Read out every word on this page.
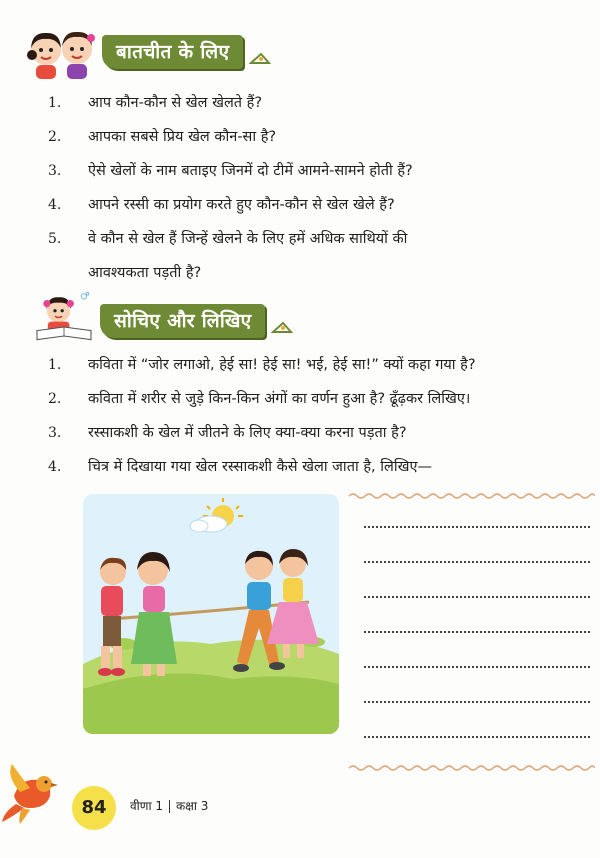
बातचीत के लिए
1.	आप कौन-कौन से खेल खेलते हैं?
2.	आपका सबसे प्रिय खेल कौन-सा है?
3.	ऐसे खेलों के नाम बताइए जिनमें दो टीमें आमने-सामने होती हैं?
4.	आपने रस्सी का प्रयोग करते हुए कौन-कौन से खेल खेले हैं?
5.	वे कौन से खेल हैं जिन्हें खेलने के लिए हमें अधिक साथियों की
आवश्यकता पड़ती है?
सोचिए और लिखिए
1.	कविता में “जोर लगाओ, हेई सा! हेई सा! भई, हेई सा!” क्यों कहा गया है?
2.	कविता में शरीर से जुड़े किन-किन अंगों का वर्णन हुआ है? ढूँढ़कर लिखिए।
3.	रस्साकशी के खेल में जीतने के लिए क्या-क्या करना पड़ता है?
4.	चित्र में दिखाया गया खेल रस्साकशी कैसे खेला जाता है, लिखिए—
84	वीणा 1 कक्षा 3
